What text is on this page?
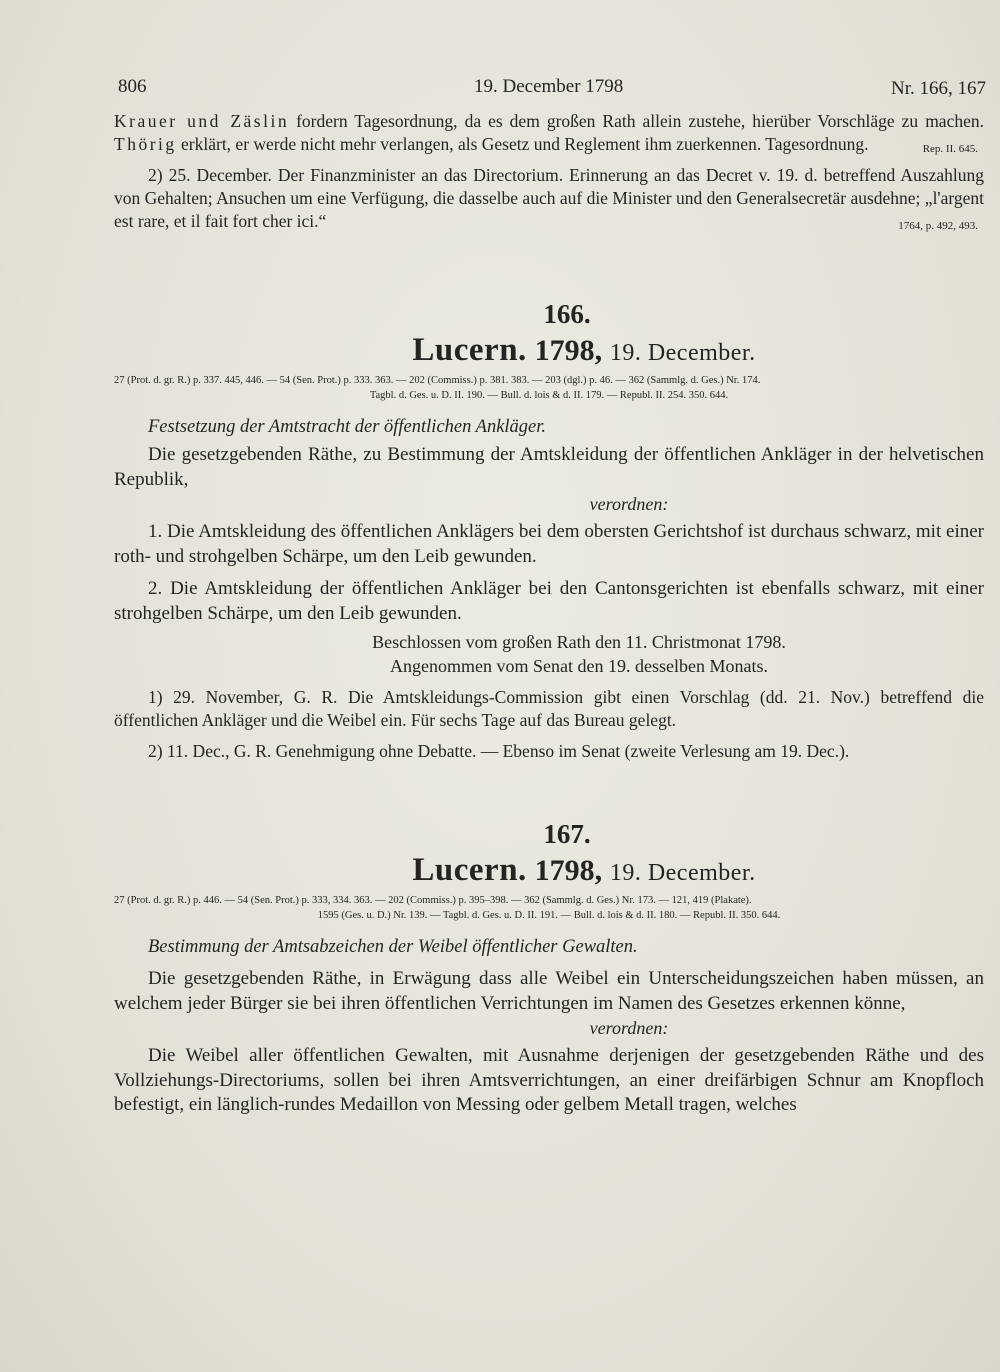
806	19. December 1798	Nr. 166, 167

Krauer und Zäslin fordern Tagesordnung, da es dem großen Rath allein zustehe, hierüber Vorschläge zu machen. Thörig erklärt, er werde nicht mehr verlangen, als Gesetz und Reglement ihm zuerkennen. Tagesordnung.	Rep. II. 645.

2) 25. December. Der Finanzminister an das Directorium. Erinnerung an das Decret v. 19. d. betreffend Auszahlung von Gehalten; Ansuchen um eine Verfügung, die dasselbe auch auf die Minister und den Generalsecretär ausdehne; „l'argent est rare, et il fait fort cher ici.“	1764, p. 492, 493.

166.
Lucern. 1798, 19. December.

27 (Prot. d. gr. R.) p. 337. 445, 446. — 54 (Sen. Prot.) p. 333. 363. — 202 (Commiss.) p. 381. 383. — 203 (dgl.) p. 46. — 362 (Sammlg. d. Ges.) Nr. 174.

Tagbl. d. Ges. u. D. II. 190. — Bull. d. lois & d. II. 179. — Republ. II. 254. 350. 644.

Festsetzung der Amtstracht der öffentlichen Ankläger.

Die gesetzgebenden Räthe, zu Bestimmung der Amtskleidung der öffentlichen Ankläger in der helvetischen Republik,

verordnen:

1. Die Amtskleidung des öffentlichen Anklägers bei dem obersten Gerichtshof ist durchaus schwarz, mit einer roth- und strohgelben Schärpe, um den Leib gewunden.

2. Die Amtskleidung der öffentlichen Ankläger bei den Cantonsgerichten ist ebenfalls schwarz, mit einer strohgelben Schärpe, um den Leib gewunden.

Beschlossen vom großen Rath den 11. Christmonat 1798.

Angenommen vom Senat den 19. desselben Monats.

1) 29. November, G. R. Die Amtskleidungs-Commission gibt einen Vorschlag (dd. 21. Nov.) betreffend die öffentlichen Ankläger und die Weibel ein. Für sechs Tage auf das Bureau gelegt.

2) 11. Dec., G. R. Genehmigung ohne Debatte. — Ebenso im Senat (zweite Verlesung am 19. Dec.).

167.
Lucern. 1798, 19. December.

27 (Prot. d. gr. R.) p. 446. — 54 (Sen. Prot.) p. 333, 334. 363. — 202 (Commiss.) p. 395–398. — 362 (Sammlg. d. Ges.) Nr. 173. — 121, 419 (Plakate).

1595 (Ges. u. D.) Nr. 139. — Tagbl. d. Ges. u. D. II. 191. — Bull. d. lois & d. II. 180. — Republ. II. 350. 644.

Bestimmung der Amtsabzeichen der Weibel öffentlicher Gewalten.

Die gesetzgebenden Räthe, in Erwägung dass alle Weibel ein Unterscheidungszeichen haben müssen, an welchem jeder Bürger sie bei ihren öffentlichen Verrichtungen im Namen des Gesetzes erkennen könne,

verordnen:

Die Weibel aller öffentlichen Gewalten, mit Ausnahme derjenigen der gesetzgebenden Räthe und des Vollziehungs-Directoriums, sollen bei ihren Amtsverrichtungen, an einer dreifärbigen Schnur am Knopfloch befestigt, ein länglich-rundes Medaillon von Messing oder gelbem Metall tragen, welches
